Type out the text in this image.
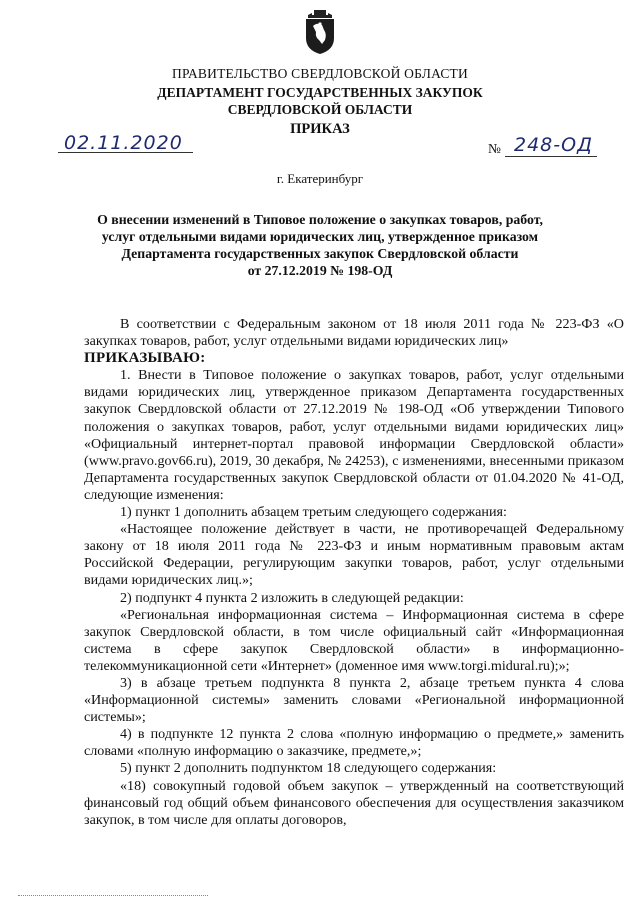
ПРАВИТЕЛЬСТВО СВЕРДЛОВСКОЙ ОБЛАСТИ
ДЕПАРТАМЕНТ ГОСУДАРСТВЕННЫХ ЗАКУПОК
СВЕРДЛОВСКОЙ ОБЛАСТИ
ПРИКАЗ
02.11.2020	№ 248-ОД
г. Екатеринбург
О внесении изменений в Типовое положение о закупках товаров, работ,
услуг отдельными видами юридических лиц, утвержденное приказом
Департамента государственных закупок Свердловской области
от 27.12.2019 № 198-ОД

В соответствии с Федеральным законом от 18 июля 2011 года № 223-ФЗ «О закупках товаров, работ, услуг отдельными видами юридических лиц»

ПРИКАЗЫВАЮ:

1. Внести в Типовое положение о закупках товаров, работ, услуг отдельными видами юридических лиц, утвержденное приказом Департамента государственных закупок Свердловской области от 27.12.2019 № 198-ОД «Об утверждении Типового положения о закупках товаров, работ, услуг отдельными видами юридических лиц» «Официальный интернет-портал правовой информации Свердловской области» (www.pravo.gov66.ru), 2019, 30 декабря, № 24253), с изменениями, внесенными приказом Департамента государственных закупок Свердловской области от 01.04.2020 № 41-ОД, следующие изменения:

1) пункт 1 дополнить абзацем третьим следующего содержания:

«Настоящее положение действует в части, не противоречащей Федеральному закону от 18 июля 2011 года № 223-ФЗ и иным нормативным правовым актам Российской Федерации, регулирующим закупки товаров, работ, услуг отдельными видами юридических лиц.»;

2) подпункт 4 пункта 2 изложить в следующей редакции:

«Региональная информационная система – Информационная система в сфере закупок Свердловской области, в том числе официальный сайт «Информационная система в сфере закупок Свердловской области» в информационно-телекоммуникационной сети «Интернет» (доменное имя www.torgi.midural.ru);»;

3) в абзаце третьем подпункта 8 пункта 2, абзаце третьем пункта 4 слова «Информационной системы» заменить словами «Региональной информационной системы»;

4) в подпункте 12 пункта 2 слова «полную информацию о предмете,» заменить словами «полную информацию о заказчике, предмете,»;

5) пункт 2 дополнить подпунктом 18 следующего содержания:

«18) совокупный годовой объем закупок – утвержденный на соответствующий финансовый год общий объем финансового обеспечения для осуществления заказчиком закупок, в том числе для оплаты договоров,
